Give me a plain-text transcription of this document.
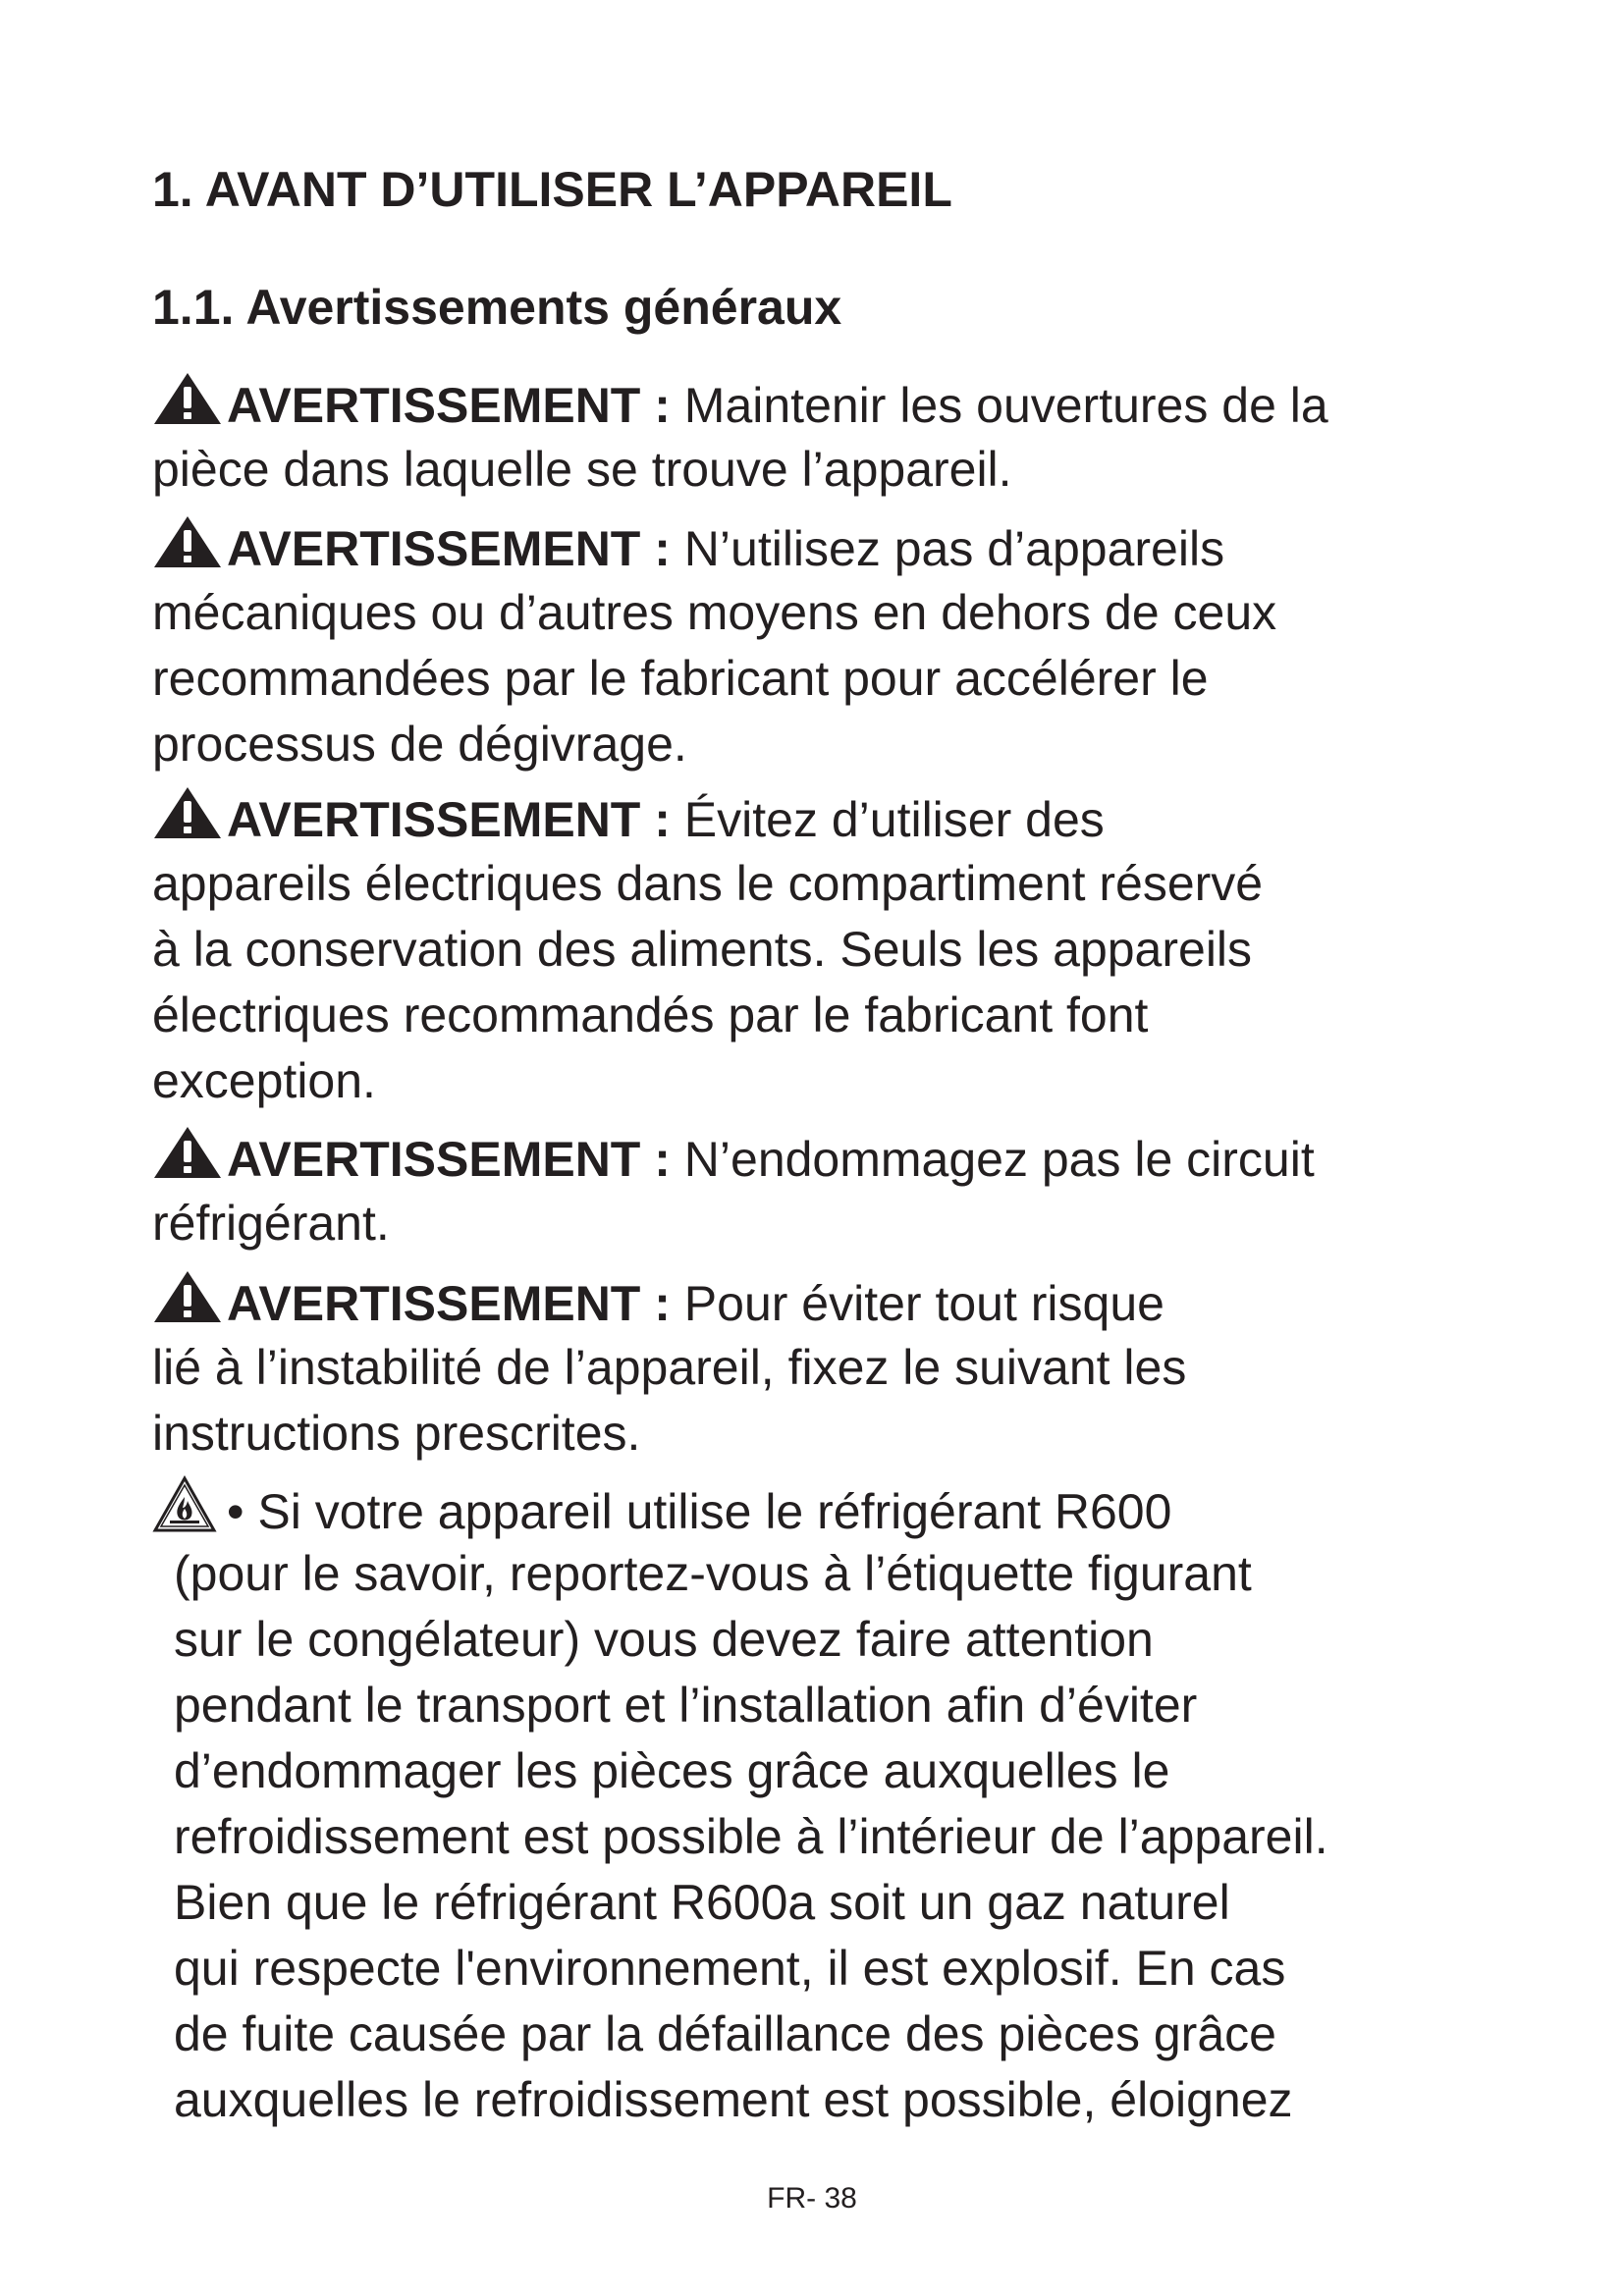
1. AVANT D’UTILISER L’APPAREIL
1.1. Avertissements généraux
AVERTISSEMENT : Maintenir les ouvertures de la
pièce dans laquelle se trouve l’appareil.
AVERTISSEMENT : N’utilisez pas d’appareils
mécaniques ou d’autres moyens en dehors de ceux
recommandées par le fabricant pour accélérer le
processus de dégivrage.
AVERTISSEMENT : Évitez d’utiliser des
appareils électriques dans le compartiment réservé
à la conservation des aliments. Seuls les appareils
électriques recommandés par le fabricant font
exception.
AVERTISSEMENT : N’endommagez pas le circuit
réfrigérant.
AVERTISSEMENT : Pour éviter tout risque
lié à l’instabilité de l’appareil, fixez le suivant les
instructions prescrites.
• Si votre appareil utilise le réfrigérant R600
(pour le savoir, reportez-vous à l’étiquette figurant
sur le congélateur) vous devez faire attention
pendant le transport et l’installation afin d’éviter
d’endommager les pièces grâce auxquelles le
refroidissement est possible à l’intérieur de l’appareil.
Bien que le réfrigérant R600a soit un gaz naturel
qui respecte l'environnement, il est explosif. En cas
de fuite causée par la défaillance des pièces grâce
auxquelles le refroidissement est possible, éloignez
FR- 38
